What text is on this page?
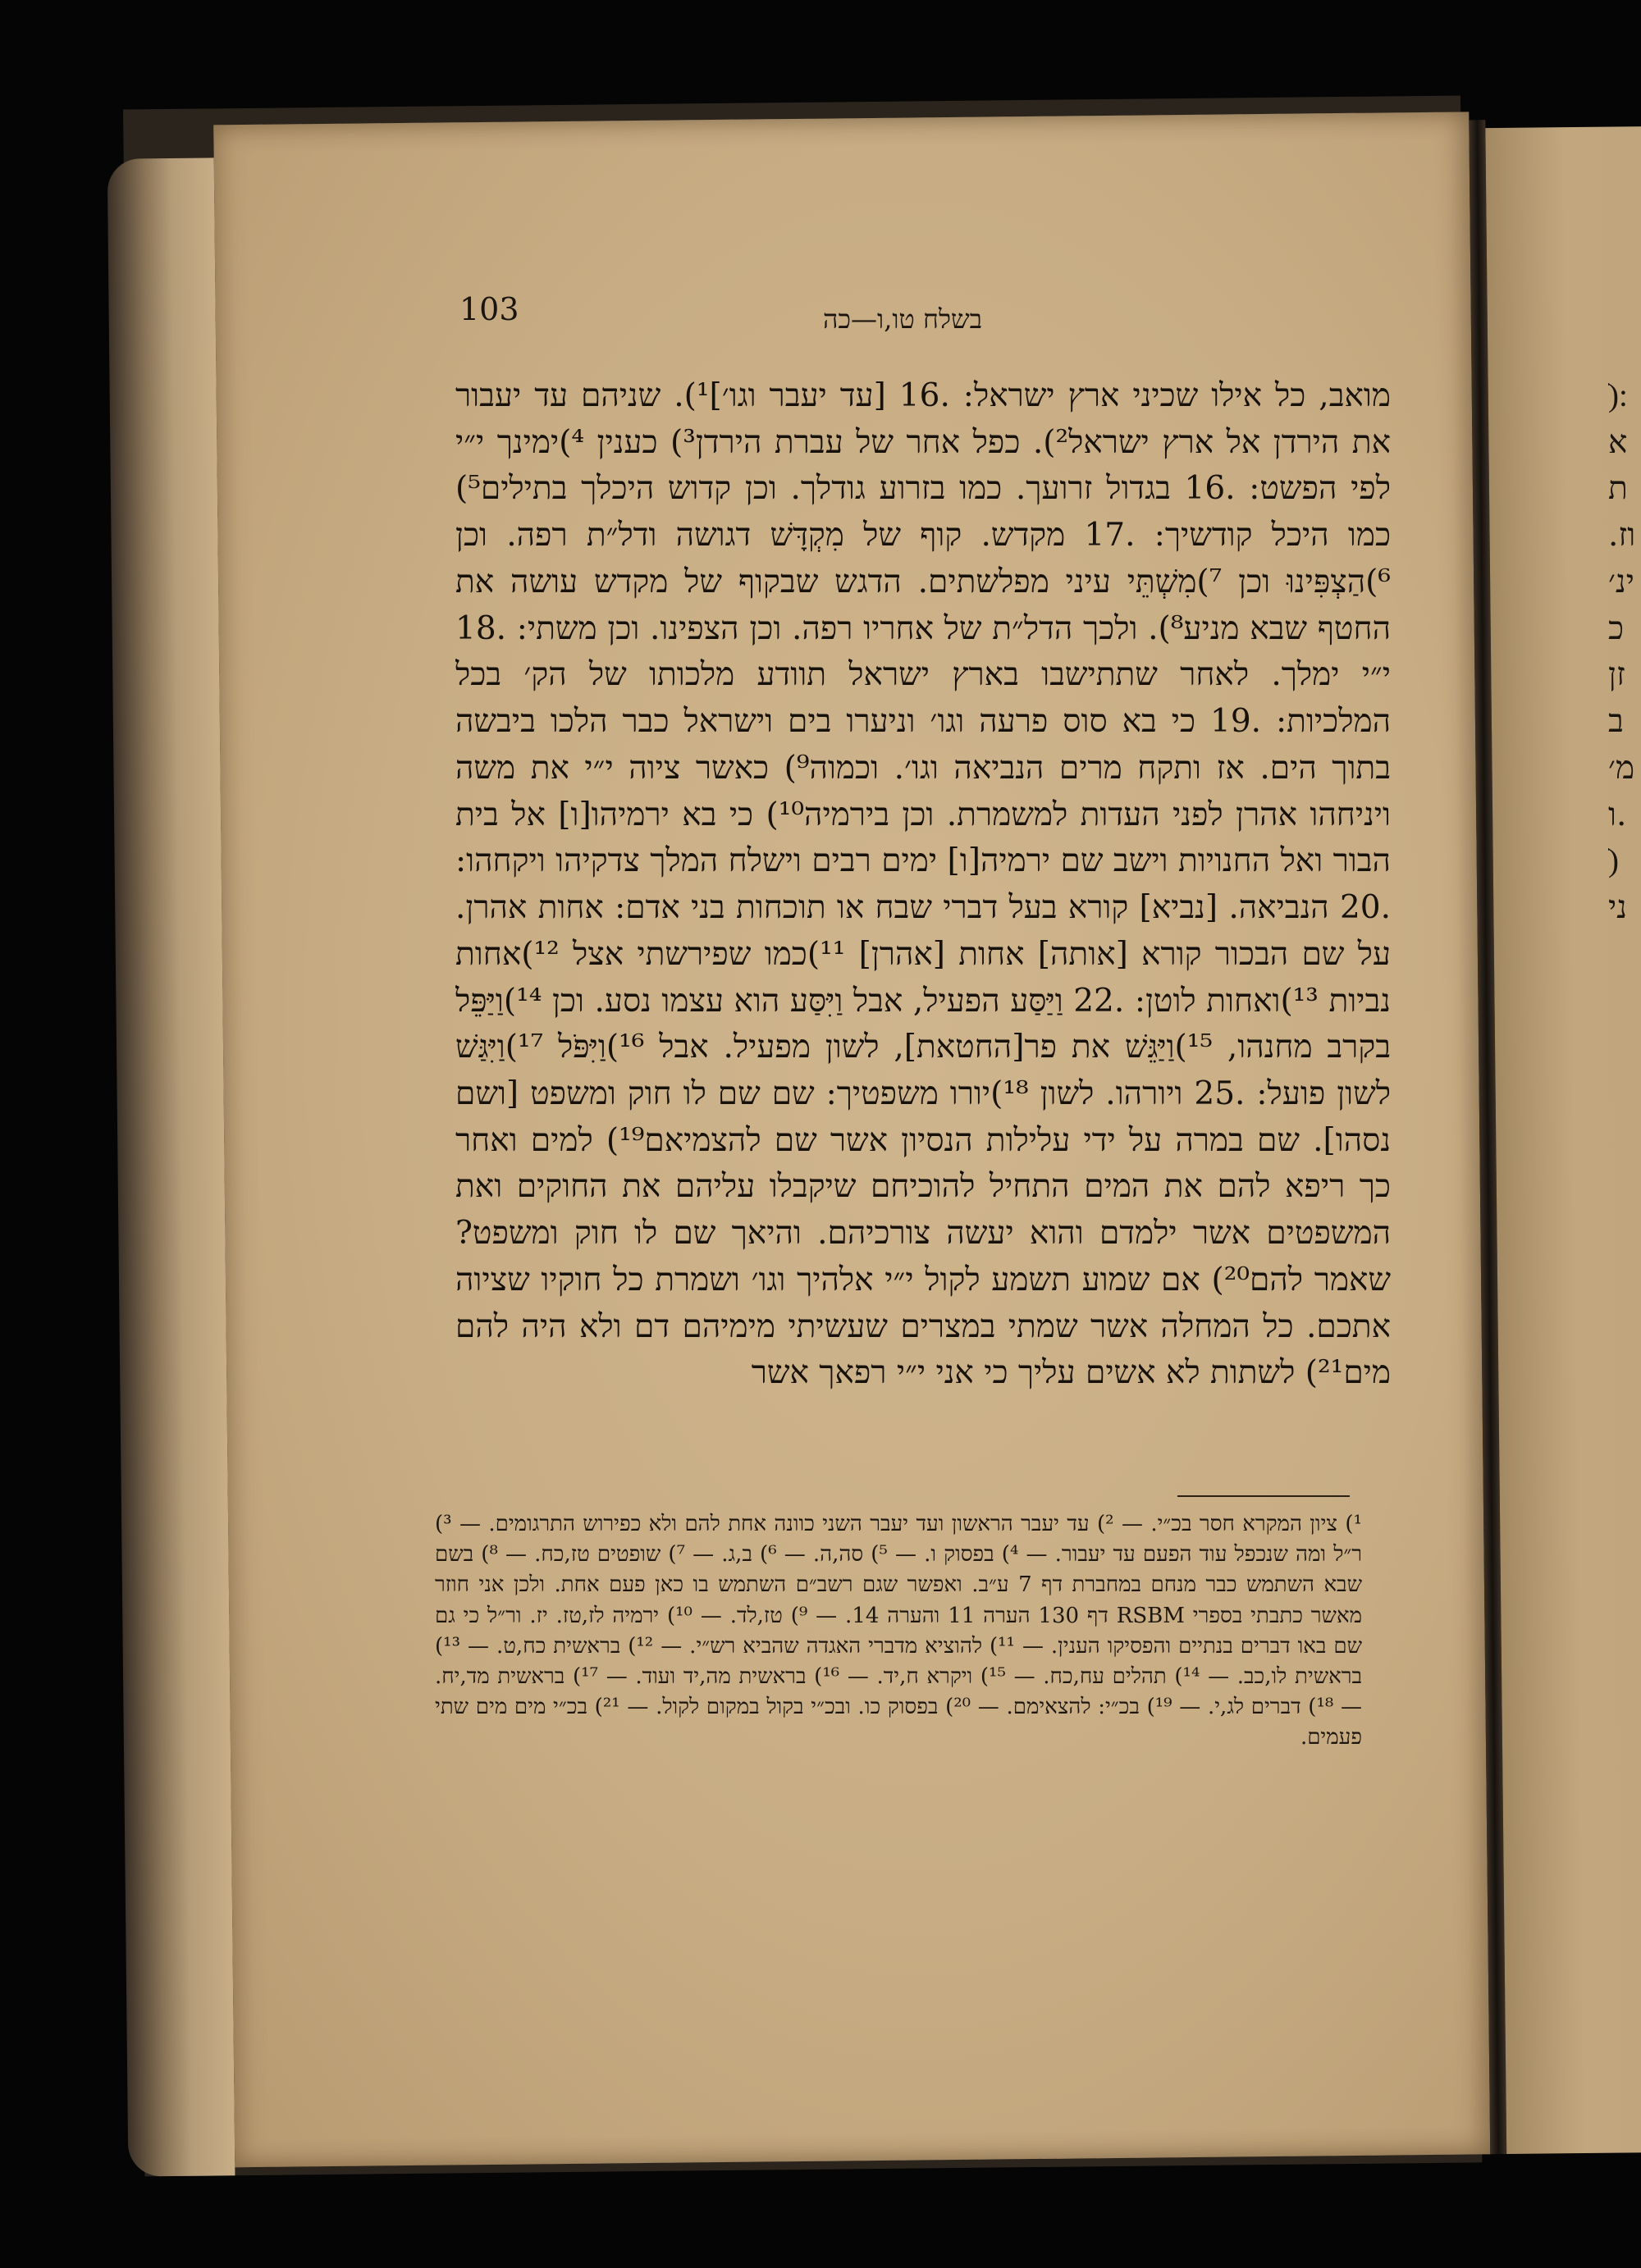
103	בשלח טו,ו—כה

מואב, כל אילו שכיני ארץ ישראל: .16 [עד יעבר וגו׳]¹). שניהם עד יעבור את הירדן אל ארץ ישראל²). כפל אחר של עברת הירדן³) כענין ⁴)ימינך י״י לפי הפשט: .16 בגדול זרועך. כמו בזרוע גודלך. וכן קדוש היכלך בתילים⁵) כמו היכל קודשיך: .17 מקדש. קוף של מִקְדָּשׁ דגושה ודל״ת רפה. וכן ⁶)הַצְפִּינוּ וכן ⁷)מִשְׁתֵּי עיני מפלשתים. הדגש שבקוף של מקדש עושה את החטף שבא מניע⁸). ולכך הדל״ת של אחריו רפה. וכן הצפינו. וכן משתי: .18 י״י ימלך. לאחר שתתישבו בארץ ישראל תוודע מלכותו של הק׳ בכל המלכיות: .19 כי בא סוס פרעה וגו׳ וניערו בים וישראל כבר הלכו ביבשה בתוך הים. אז ותקח מרים הנביאה וגו׳. וכמוה⁹) כאשר ציוה י״י את משה ויניחהו אהרן לפני העדות למשמרת. וכן בירמיה¹⁰) כי בא ירמיהו[ו] אל בית הבור ואל החנויות וישב שם ירמיה[ו] ימים רבים וישלח המלך צדקיהו ויקחהו: .20 הנביאה. [נביא] קורא בעל דברי שבח או תוכחות בני אדם: אחות אהרן. על שם הבכור קורא [אותה] אחות [אהרן] ¹¹)כמו שפירשתי אצל ¹²)אחות נביות ¹³)ואחות לוטן: .22 וַיַּסַּע הפעיל, אבל וַיִּסַּע הוא עצמו נסע. וכן ¹⁴)וַיַּפֵּל בקרב מחנהו, ¹⁵)וַיַּגֵּשׁ את פר[החטאת], לשון מפעיל. אבל ¹⁶)וַיִּפֹּל ¹⁷)וַיִּגַּשׁ לשון פועל: .25 ויורהו. לשון ¹⁸)יורו משפטיך: שם שם לו חוק ומשפט [ושם נסהו]. שם במרה על ידי עלילות הנסיון אשר שם להצמיאם¹⁹) למים ואחר כך ריפא להם את המים התחיל להוכיחם שיקבלו עליהם את החוקים ואת המשפטים אשר ילמדם והוא יעשה צורכיהם. והיאך שם לו חוק ומשפט? שאמר להם²⁰) אם שמוע תשמע לקול י״י אלהיך וגו׳ ושמרת כל חוקיו שציוה אתכם. כל המחלה אשר שמתי במצרים שעשיתי מימיהם דם ולא היה להם מים²¹) לשתות לא אשים עליך כי אני י״י רפאך אשר

¹) ציון המקרא חסר בכ״י. — ²) עד יעבר הראשון ועד יעבר השני כוונה אחת להם ולא כפירוש התרגומים. — ³) ר״ל ומה שנכפל עוד הפעם עד יעבור. — ⁴) בפסוק ו. — ⁵) סה,ה. — ⁶) ב,ג. — ⁷) שופטים טז,כח. — ⁸) בשם שבא השתמש כבר מנחם במחברת דף 7 ע״ב. ואפשר שגם רשב״ם השתמש בו כאן פעם אחת. ולכן אני חוזר מאשר כתבתי בספרי RSBM דף 130 הערה 11 והערה 14. — ⁹) טז,לד. — ¹⁰) ירמיה לז,טז. יז. ור״ל כי גם שם באו דברים בנתיים והפסיקו הענין. — ¹¹) להוציא מדברי האגדה שהביא רש״י. — ¹²) בראשית כח,ט. — ¹³) בראשית לו,כב. — ¹⁴) תהלים עח,כח. — ¹⁵) ויקרא ח,יד. — ¹⁶) בראשית מה,יד ועוד. — ¹⁷) בראשית מד,יח. — ¹⁸) דברים לג,י. — ¹⁹) בכ״י: להצאימם. — ²⁰) בפסוק כו. ובכ״י בקול במקום לקול. — ²¹) בכ״י מים מים שתי פעמים.

׃(ׁ
א
ת
וז.
ינ׳
כ
זן
ב
מ׳
.ו
(ׁ
ני
